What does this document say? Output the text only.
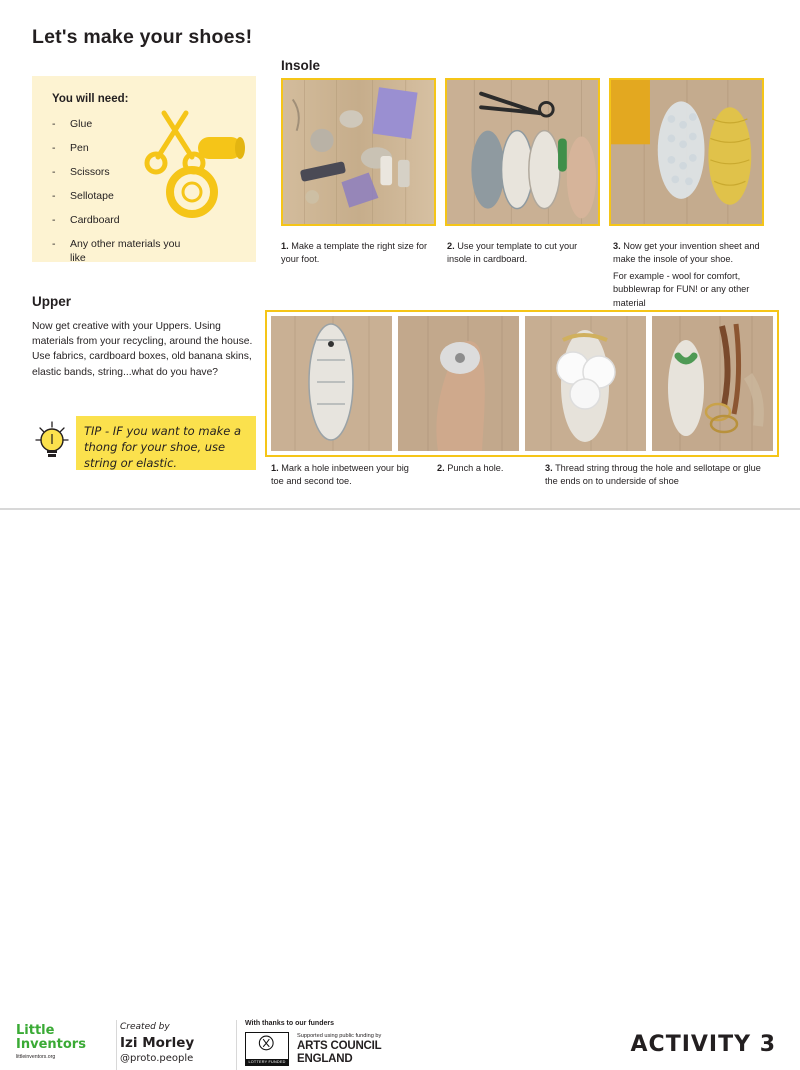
Let's make your shoes!
You will need:
- Glue
- Pen
- Scissors
- Sellotape
- Cardboard
- Any other materials you like
Upper
Now get creative with your Uppers. Using materials from your recycling, around the house. Use fabrics, cardboard boxes, old banana skins, elastic bands, string...what do you have?
TIP - IF you want to make a thong for your shoe, use string or elastic.
Insole
1. Make a template the right size for your foot.
2. Use your template to cut your insole in cardboard.
3. Now get your invention sheet and make the insole of your shoe.
For example - wool for comfort, bubblewrap for FUN! or any other material
1. Mark a hole inbetween your big toe and second toe.
2. Punch a hole.	3. Thread string throug the hole and sellotape or glue the ends on to underside of shoe
Little
Inventors
littleinventors.org
Created by
Izi Morley
@proto.people
With thanks to our funders
LOTTERY FUNDED
Supported using public funding by
ARTS COUNCIL
ENGLAND
ACTIVITY 3
